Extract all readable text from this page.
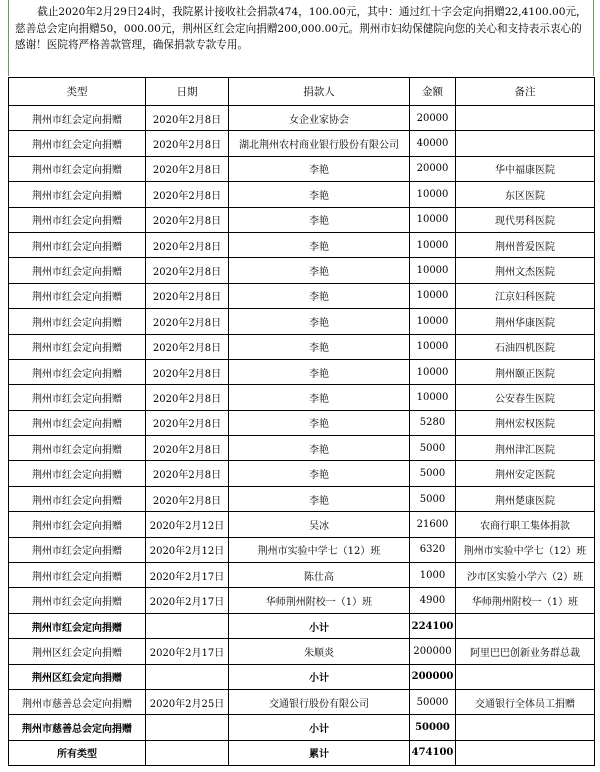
截止2020年2月29日24时，我院累计接收社会捐款474，100.00元，其中：通过红十字会定向捐赠22,4100.00元，慈善总会定向捐赠50，000.00元，荆州区红会定向捐赠200,000.00元。荆州市妇幼保健院向您的关心和支持表示衷心的感谢！医院将严格善款管理，确保捐款专款专用。
类型	日期	捐款人	金额	备注
荆州市红会定向捐赠	2020年2月8日	女企业家协会	20000	
荆州市红会定向捐赠	2020年2月8日	湖北荆州农村商业银行股份有限公司	40000	
荆州市红会定向捐赠	2020年2月8日	李艳	20000	华中福康医院
荆州市红会定向捐赠	2020年2月8日	李艳	10000	东区医院
荆州市红会定向捐赠	2020年2月8日	李艳	10000	现代男科医院
荆州市红会定向捐赠	2020年2月8日	李艳	10000	荆州普爱医院
荆州市红会定向捐赠	2020年2月8日	李艳	10000	荆州文杰医院
荆州市红会定向捐赠	2020年2月8日	李艳	10000	江京妇科医院
荆州市红会定向捐赠	2020年2月8日	李艳	10000	荆州华康医院
荆州市红会定向捐赠	2020年2月8日	李艳	10000	石油四机医院
荆州市红会定向捐赠	2020年2月8日	李艳	10000	荆州颐正医院
荆州市红会定向捐赠	2020年2月8日	李艳	10000	公安春生医院
荆州市红会定向捐赠	2020年2月8日	李艳	5280	荆州宏权医院
荆州市红会定向捐赠	2020年2月8日	李艳	5000	荆州津汇医院
荆州市红会定向捐赠	2020年2月8日	李艳	5000	荆州安定医院
荆州市红会定向捐赠	2020年2月8日	李艳	5000	荆州楚康医院
荆州市红会定向捐赠	2020年2月12日	吴冰	21600	农商行职工集体捐款
荆州市红会定向捐赠	2020年2月12日	荆州市实验中学七（12）班	6320	荆州市实验中学七（12）班
荆州市红会定向捐赠	2020年2月17日	陈仕高	1000	沙市区实验小学六（2）班
荆州市红会定向捐赠	2020年2月17日	华师荆州附校一（1）班	4900	华师荆州附校一（1）班
荆州市红会定向捐赠		小计	224100	
荆州区红会定向捐赠	2020年2月17日	朱顺炎	200000	阿里巴巴创新业务群总裁
荆州区红会定向捐赠		小计	200000	
荆州市慈善总会定向捐赠	2020年2月25日	交通银行股份有限公司	50000	交通银行全体员工捐赠
荆州市慈善总会定向捐赠		小计	50000	
所有类型		累计	474100	
